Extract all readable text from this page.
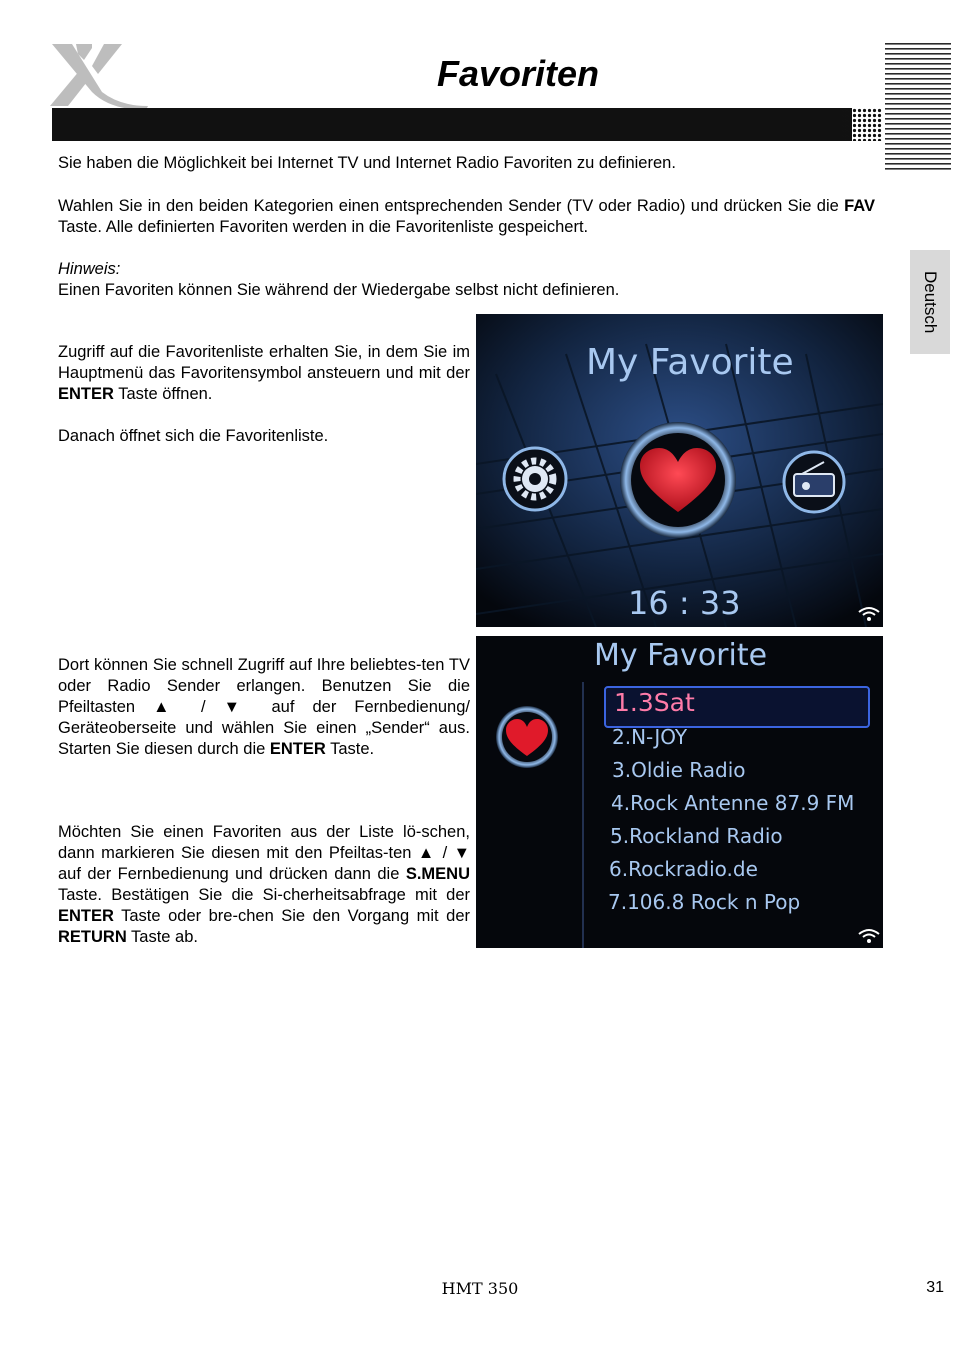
Favoriten
Deutsch
Sie haben die Möglichkeit bei Internet TV und Internet Radio Favoriten zu definieren.
Wahlen Sie in den beiden Kategorien einen entsprechenden Sender (TV oder Radio) und drücken Sie die FAV Taste. Alle definierten Favoriten werden in die Favoritenliste gespeichert.
Hinweis:
Einen Favoriten können Sie während der Wiedergabe selbst nicht definieren.
Zugriff auf die Favoritenliste erhalten Sie, in dem Sie im Hauptmenü das Favoritensymbol ansteuern und mit der ENTER Taste öffnen.
Danach öffnet sich die Favoritenliste.
Dort können Sie schnell Zugriff auf Ihre beliebtes-ten TV oder Radio Sender erlangen. Benutzen Sie die Pfeiltasten ▲ / ▼ auf der Fernbedienung/ Geräteoberseite und wählen Sie einen „Sender“ aus. Starten Sie diesen durch die ENTER Taste.
Möchten Sie einen Favoriten aus der Liste lö-schen, dann markieren Sie diesen mit den Pfeiltas-ten ▲ / ▼ auf der Fernbedienung und drücken dann die S.MENU Taste. Bestätigen Sie die Si-cherheitsabfrage mit der ENTER Taste oder bre-chen Sie den Vorgang mit der RETURN Taste ab.
My Favorite
16 : 33
My Favorite
1.3Sat
2.N-JOY
3.Oldie Radio
4.Rock Antenne 87.9 FM
5.Rockland Radio
6.Rockradio.de
7.106.8 Rock n Pop
HMT 350	31
